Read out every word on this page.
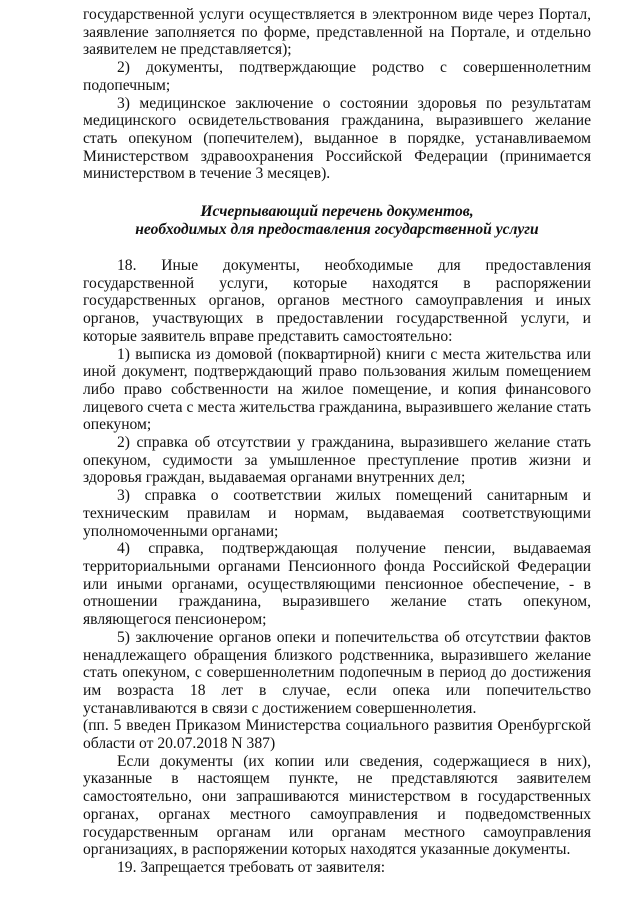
государственной услуги осуществляется в электронном виде через Портал, заявление заполняется по форме, представленной на Портале, и отдельно заявителем не представляется);

2) документы, подтверждающие родство с совершеннолетним подопечным;

3) медицинское заключение о состоянии здоровья по результатам медицинского освидетельствования гражданина, выразившего желание стать опекуном (попечителем), выданное в порядке, устанавливаемом Министерством здравоохранения Российской Федерации (принимается министерством в течение 3 месяцев).

Исчерпывающий перечень документов,
необходимых для предоставления государственной услуги

18. Иные документы, необходимые для предоставления государственной услуги, которые находятся в распоряжении государственных органов, органов местного самоуправления и иных органов, участвующих в предоставлении государственной услуги, и которые заявитель вправе представить самостоятельно:

1) выписка из домовой (поквартирной) книги с места жительства или иной документ, подтверждающий право пользования жилым помещением либо право собственности на жилое помещение, и копия финансового лицевого счета с места жительства гражданина, выразившего желание стать опекуном;

2) справка об отсутствии у гражданина, выразившего желание стать опекуном, судимости за умышленное преступление против жизни и здоровья граждан, выдаваемая органами внутренних дел;

3) справка о соответствии жилых помещений санитарным и техническим правилам и нормам, выдаваемая соответствующими уполномоченными органами;

4) справка, подтверждающая получение пенсии, выдаваемая территориальными органами Пенсионного фонда Российской Федерации или иными органами, осуществляющими пенсионное обеспечение, - в отношении гражданина, выразившего желание стать опекуном, являющегося пенсионером;

5) заключение органов опеки и попечительства об отсутствии фактов ненадлежащего обращения близкого родственника, выразившего желание стать опекуном, с совершеннолетним подопечным в период до достижения им возраста 18 лет в случае, если опека или попечительство устанавливаются в связи с достижением совершеннолетия.

(пп. 5 введен Приказом Министерства социального развития Оренбургской области от 20.07.2018 N 387)

Если документы (их копии или сведения, содержащиеся в них), указанные в настоящем пункте, не представляются заявителем самостоятельно, они запрашиваются министерством в государственных органах, органах местного самоуправления и подведомственных государственным органам или органам местного самоуправления организациях, в распоряжении которых находятся указанные документы.

19. Запрещается требовать от заявителя:
